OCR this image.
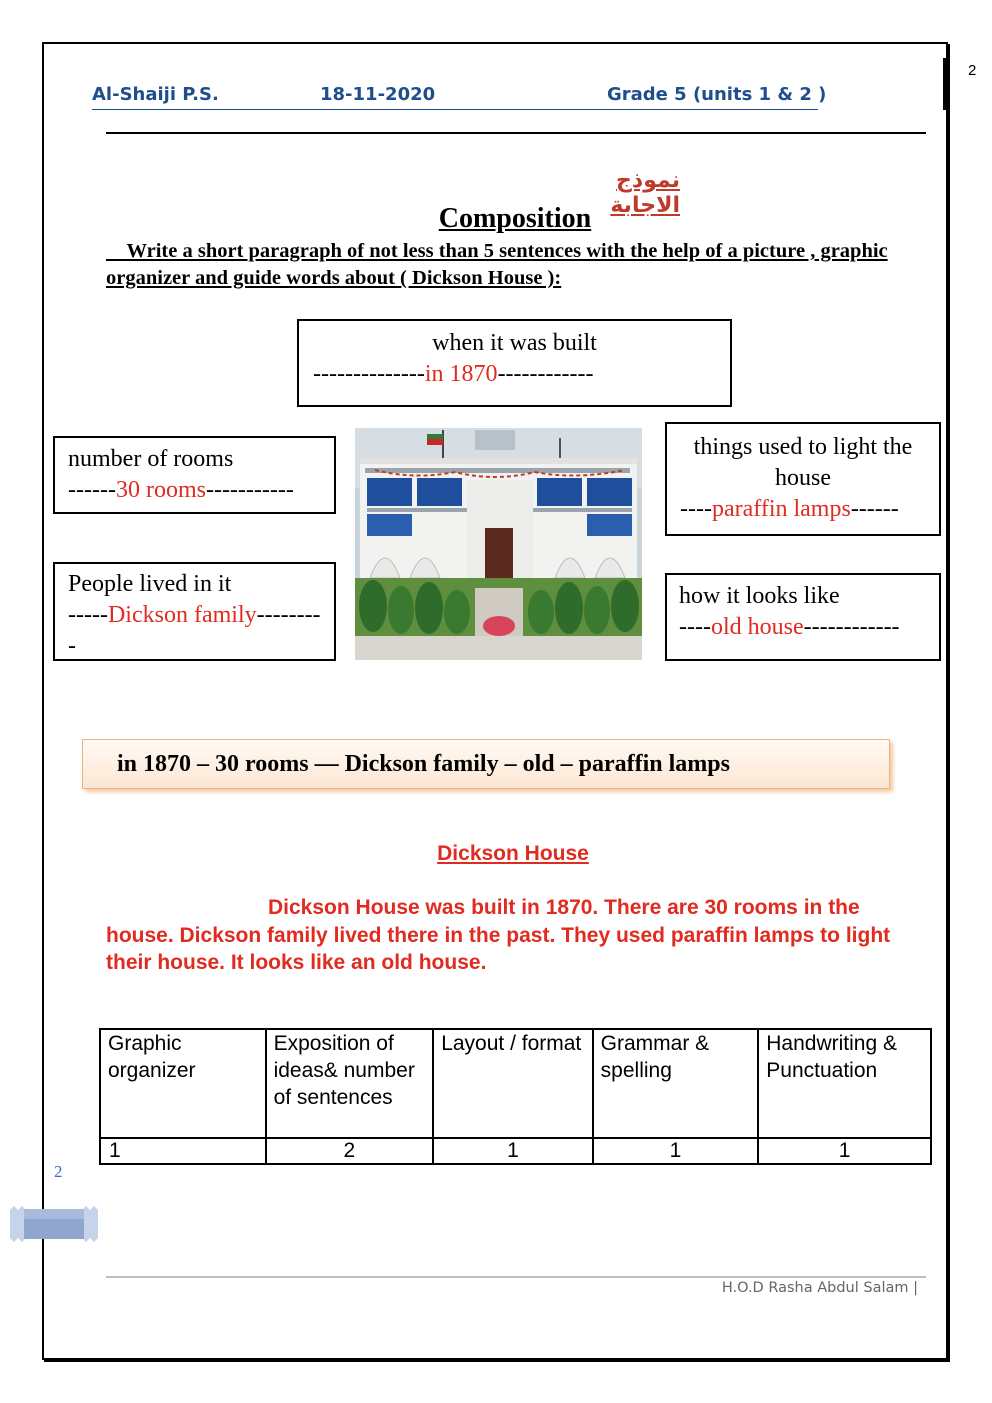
2
Al-Shaiji P.S.	18-11-2020	Grade 5 (units 1 & 2 )
نموذج الاجابة
Composition
Write a short paragraph of not less than 5 sentences with the help of a picture , graphic organizer and guide words about ( Dickson House ):
when it was built
--------------in 1870------------
number of rooms
------30 rooms-----------
People lived in it
-----Dickson family---------
things used to light the house
----paraffin lamps------
how it looks like
----old house------------
in 1870 – 30 rooms — Dickson family – old – paraffin lamps
Dickson House
Dickson House was built in 1870. There are 30 rooms in the house. Dickson family lived there in the past. They used paraffin lamps to light their house. It looks like an old house.
Graphic organizer	Exposition of ideas& number of sentences	Layout / format	Grammar & spelling	Handwriting & Punctuation
1	2	1	1	1
2
H.O.D Rasha Abdul Salam |
